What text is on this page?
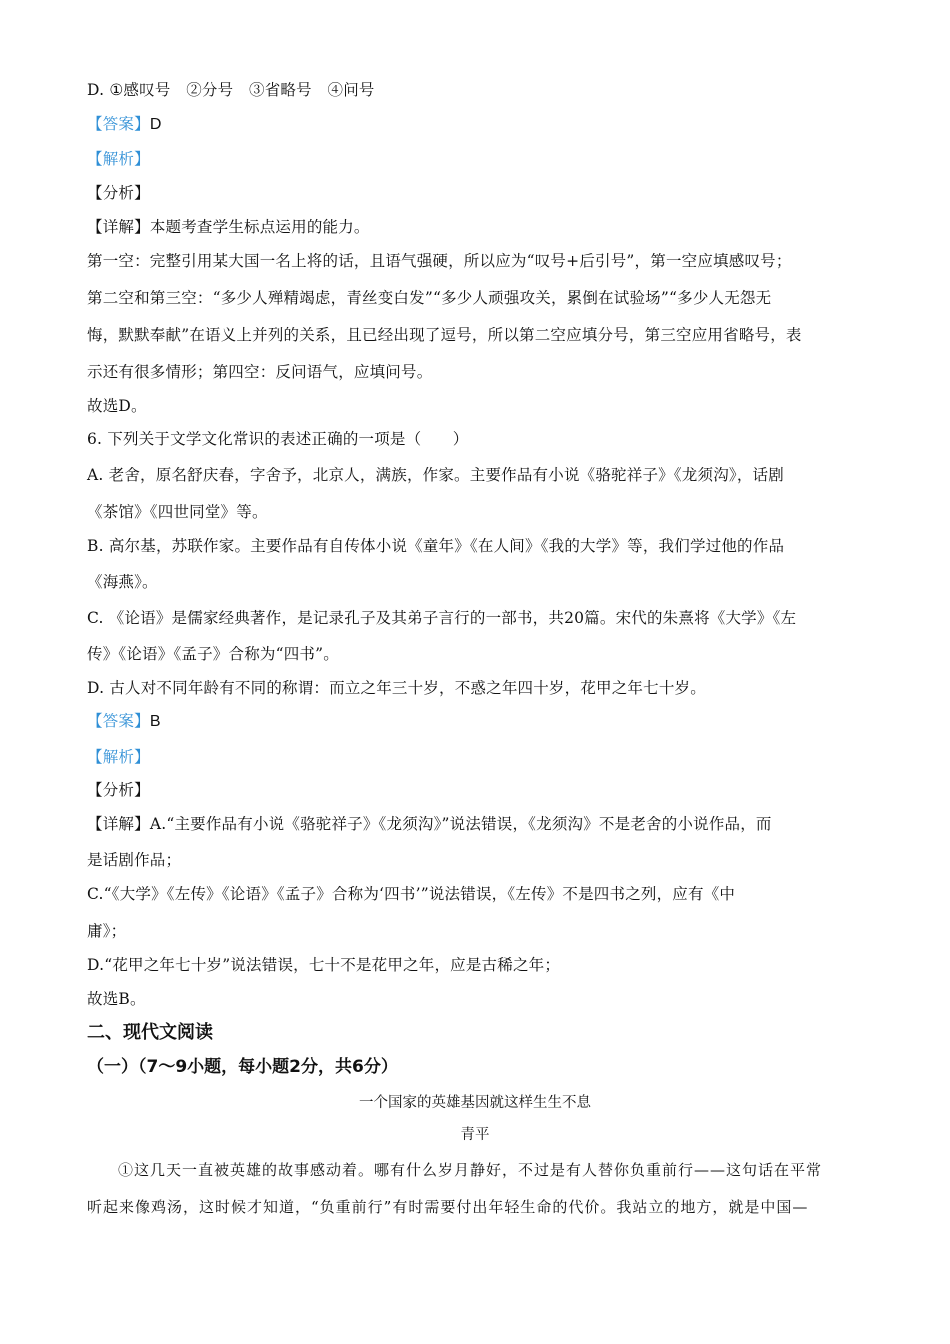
D. ①感叹号　②分号　③省略号　④问号
【答案】D
【解析】
【分析】
【详解】本题考查学生标点运用的能力。
第一空：完整引用某大国一名上将的话，且语气强硬，所以应为“叹号+后引号”，第一空应填感叹号；
第二空和第三空：“多少人殚精竭虑，青丝变白发”“多少人顽强攻关，累倒在试验场”“多少人无怨无
悔，默默奉献”在语义上并列的关系，且已经出现了逗号，所以第二空应填分号，第三空应用省略号，表
示还有很多情形；第四空：反问语气，应填问号。
故选D。
6. 下列关于文学文化常识的表述正确的一项是（　　）
A. 老舍，原名舒庆春，字舍予，北京人，满族，作家。主要作品有小说《骆驼祥子》《龙须沟》，话剧
《茶馆》《四世同堂》等。
B. 高尔基，苏联作家。主要作品有自传体小说《童年》《在人间》《我的大学》等，我们学过他的作品
《海燕》。
C. 《论语》是儒家经典著作，是记录孔子及其弟子言行的一部书，共20篇。宋代的朱熹将《大学》《左
传》《论语》《孟子》合称为“四书”。
D. 古人对不同年龄有不同的称谓：而立之年三十岁，不惑之年四十岁，花甲之年七十岁。
【答案】B
【解析】
【分析】
【详解】A.“主要作品有小说《骆驼祥子》《龙须沟》”说法错误，《龙须沟》不是老舍的小说作品，而
是话剧作品；
C.“《大学》《左传》《论语》《孟子》合称为‘四书’”说法错误，《左传》不是四书之列，应有《中
庸》；
D.“花甲之年七十岁”说法错误，七十不是花甲之年，应是古稀之年；
故选B。
二、现代文阅读
（一）（7～9小题，每小题2分，共6分）
一个国家的英雄基因就这样生生不息
青平
①这几天一直被英雄的故事感动着。哪有什么岁月静好，不过是有人替你负重前行——这句话在平常
听起来像鸡汤，这时候才知道，“负重前行”有时需要付出年轻生命的代价。我站立的地方，就是中国—
